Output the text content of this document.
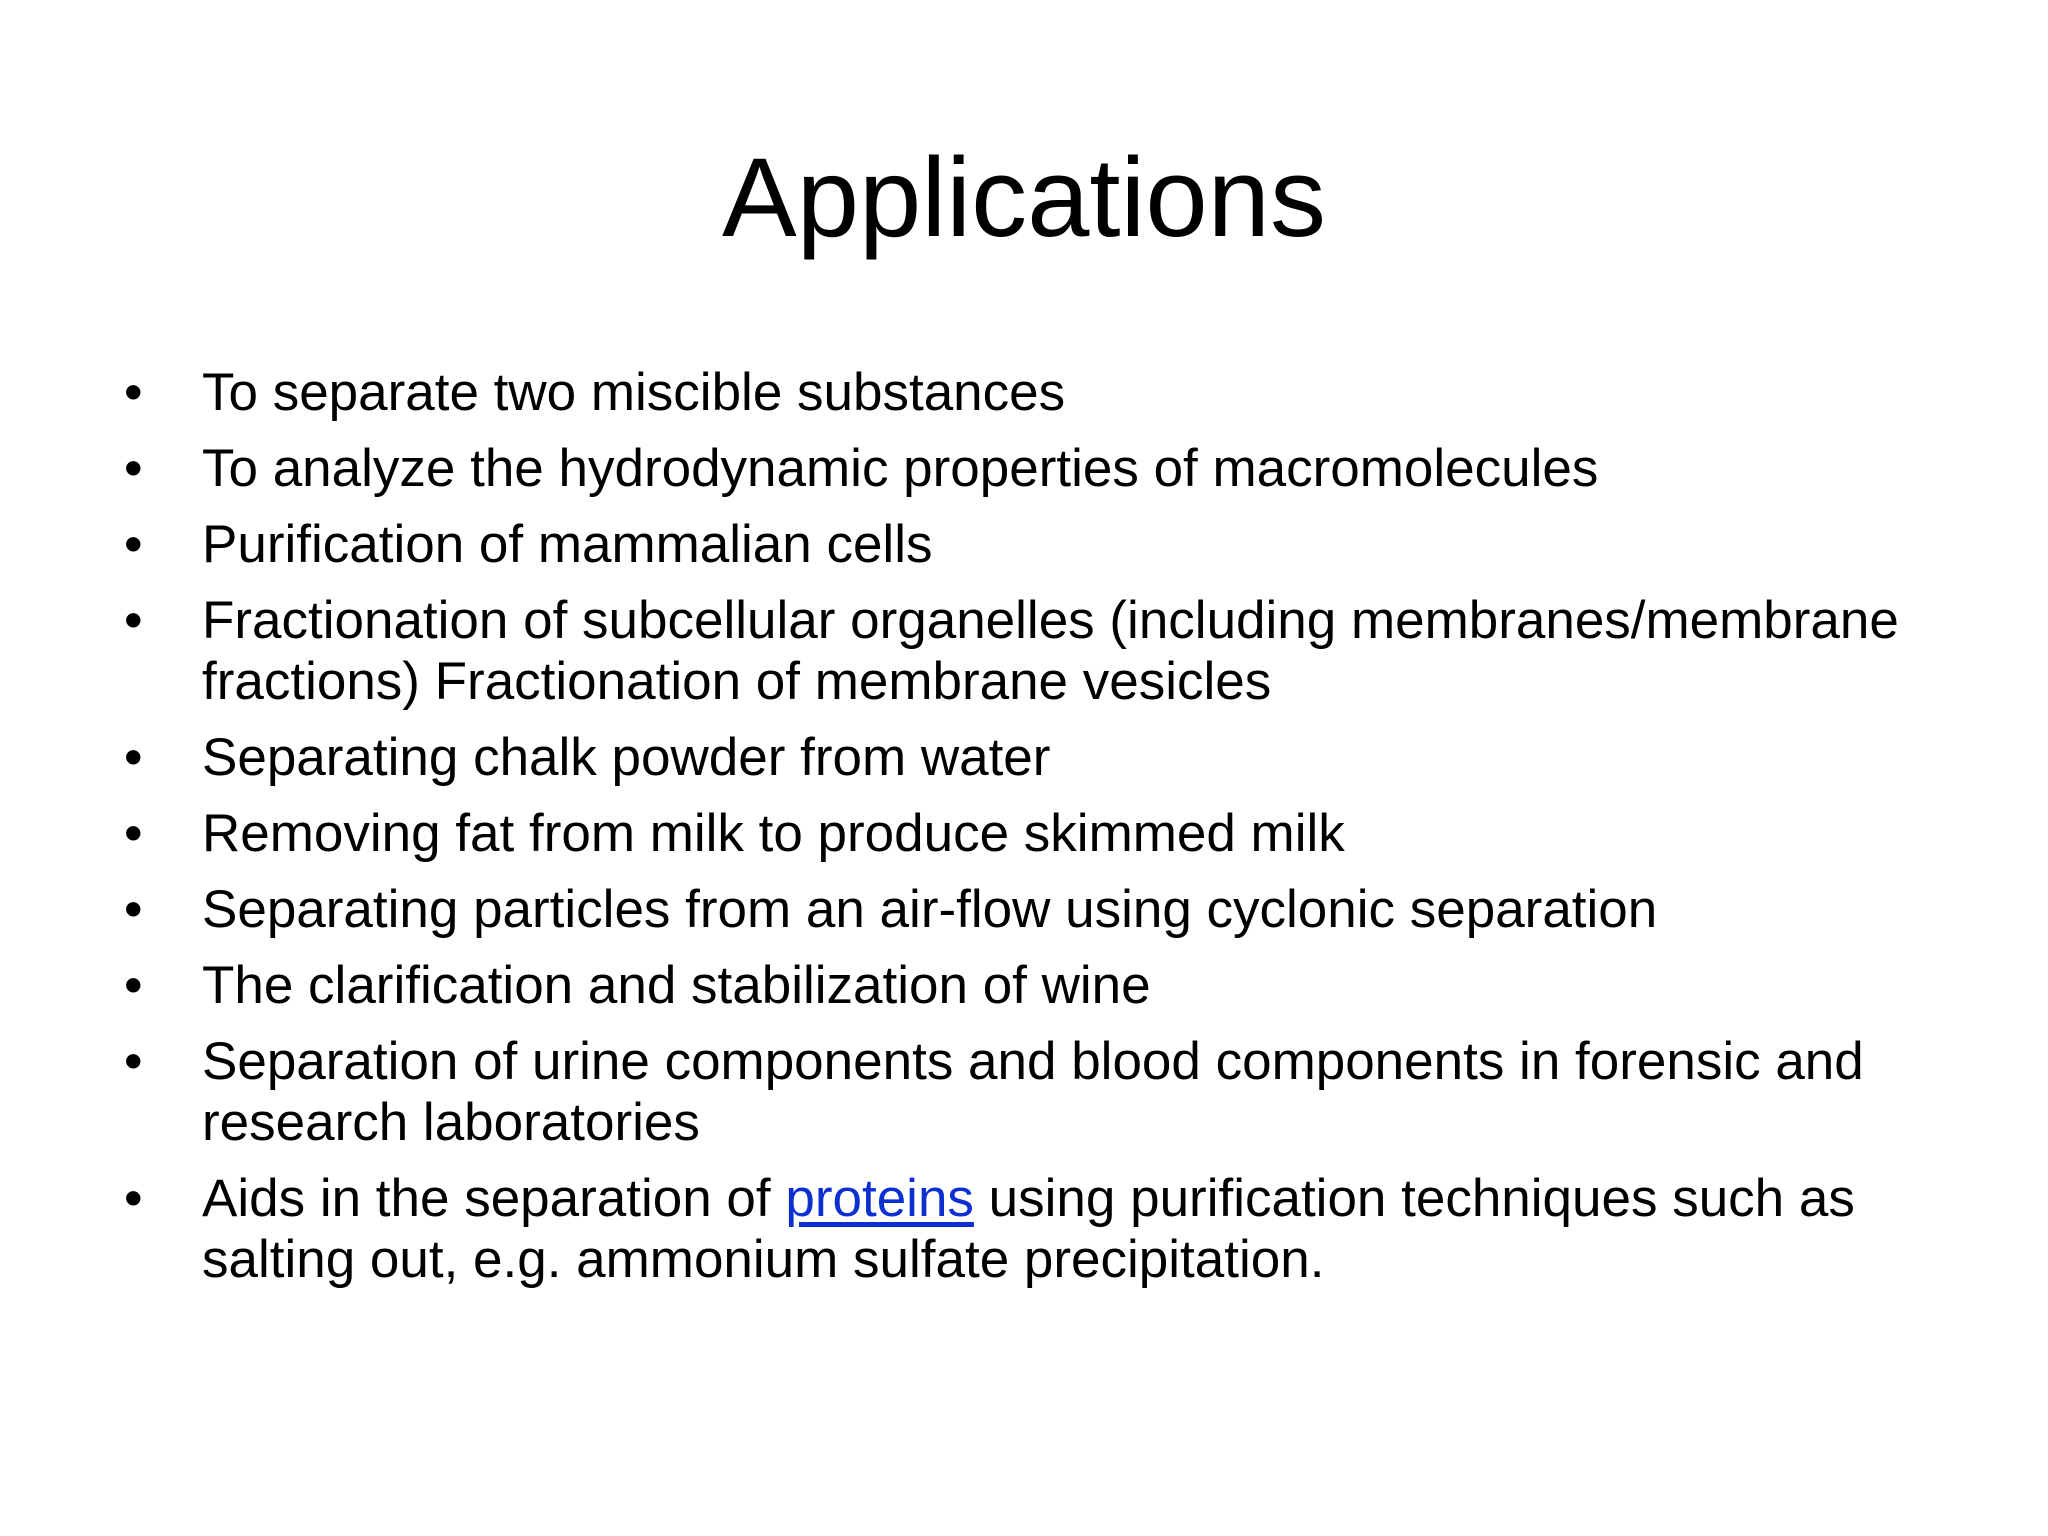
Applications
•	To separate two miscible substances
•	To analyze the hydrodynamic properties of macromolecules
•	Purification of mammalian cells
•	Fractionation of subcellular organelles (including membranes/membrane fractions) Fractionation of membrane vesicles
•	Separating chalk powder from water
•	Removing fat from milk to produce skimmed milk
•	Separating particles from an air-flow using cyclonic separation
•	The clarification and stabilization of wine
•	Separation of urine components and blood components in forensic and research laboratories
•	Aids in the separation of proteins using purification techniques such as salting out, e.g. ammonium sulfate precipitation.
